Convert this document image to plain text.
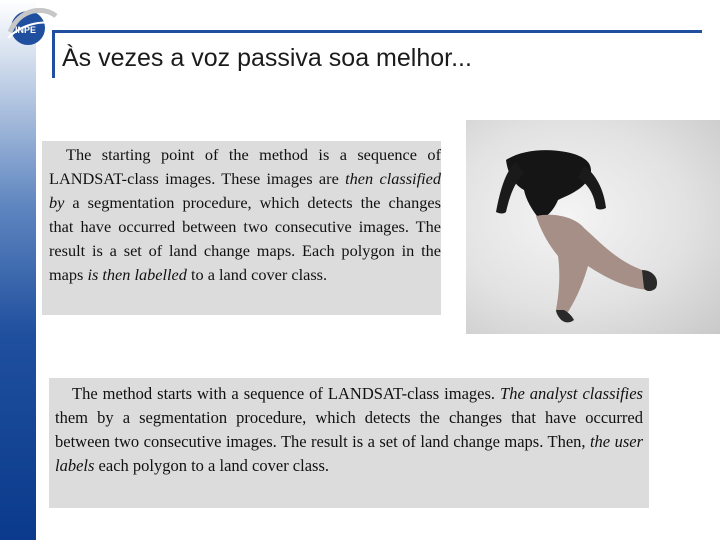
INPE
Às vezes a voz passiva soa melhor...

The starting point of the method is a sequence of LANDSAT-class images. These images are then classified by a segmentation procedure, which detects the changes that have occurred between two consecutive images. The result is a set of land change maps. Each polygon in the maps is then labelled to a land cover class.

The method starts with a sequence of LANDSAT-class images. The analyst classifies them by a segmentation procedure, which detects the changes that have occurred between two consecutive images. The result is a set of land change maps. Then, the user labels each polygon to a land cover class.
